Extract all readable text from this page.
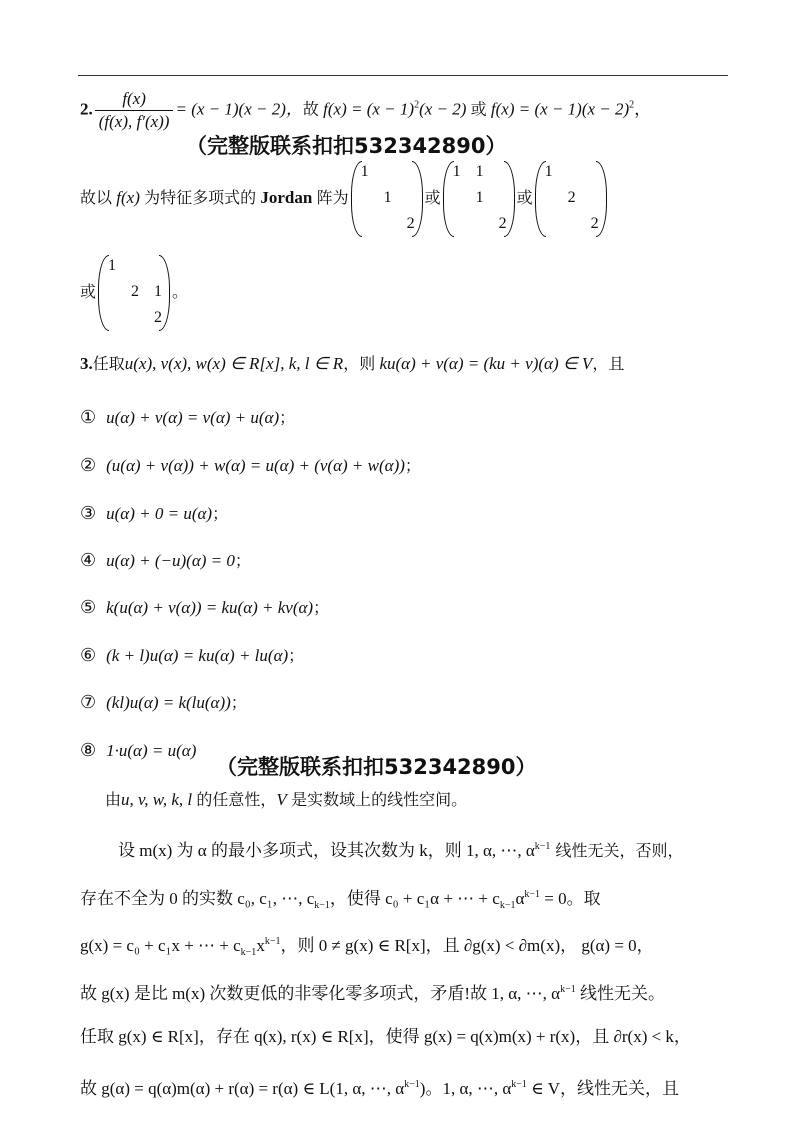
2. $\frac{f(x)}{(f(x), f'(x))} = (x - 1)(x - 2)$，故 $f(x) = (x - 1)^2(x - 2)$ 或 $f(x) = (x - 1)(x - 2)^2$，
（完整版联系扣扣532342890）
故以 f(x) 为特征多项式的 Jordan 阵为
1
1
2
或
1 1
1
2
或
1
2
2
或
1
2 1
2
。
3.任取u(x), v(x), w(x) ∈ R[x], k, l ∈ R，则 ku(α) + v(α) = (ku + v)(α) ∈ V，且
① u(α) + v(α) = v(α) + u(α)；
② (u(α) + v(α)) + w(α) = u(α) + (v(α) + w(α))；
③ u(α) + 0 = u(α)；
④ u(α) + (−u)(α) = 0；
⑤ k(u(α) + v(α)) = ku(α) + kv(α)；
⑥ (k + l)u(α) = ku(α) + lu(α)；
⑦ (kl)u(α) = k(lu(α))；
⑧ 1·u(α) = u(α)
（完整版联系扣扣532342890）
由u, v, w, k, l 的任意性，V 是实数域上的线性空间。
设 m(x) 为 α 的最小多项式，设其次数为 k，则 1, α, ⋯, $\alpha^{k-1}$ 线性无关，否则，
存在不全为 0 的实数 c₀, c₁, ⋯, $c_{k-1}$，使得 c₀ + c₁α + ⋯ + $c_{k-1}\alpha^{k-1} = 0$。取
g(x) = c₀ + c₁x + ⋯ + $c_{k-1}x^{k-1}$，则 0 ≠ g(x) ∈ R[x]，且 ∂g(x) < ∂m(x)， g(α) = 0，
故 g(x) 是比 m(x) 次数更低的非零化零多项式，矛盾!故 1, α, ⋯, $\alpha^{k-1}$ 线性无关。
任取 g(x) ∈ R[x]，存在 q(x), r(x) ∈ R[x]，使得 g(x) = q(x)m(x) + r(x)，且 ∂r(x) < k，
故 g(α) = q(α)m(α) + r(α) = r(α) ∈ L(1, α, ⋯, $\alpha^{k-1}$)。1, α, ⋯, $\alpha^{k-1}$ ∈ V，线性无关，且
